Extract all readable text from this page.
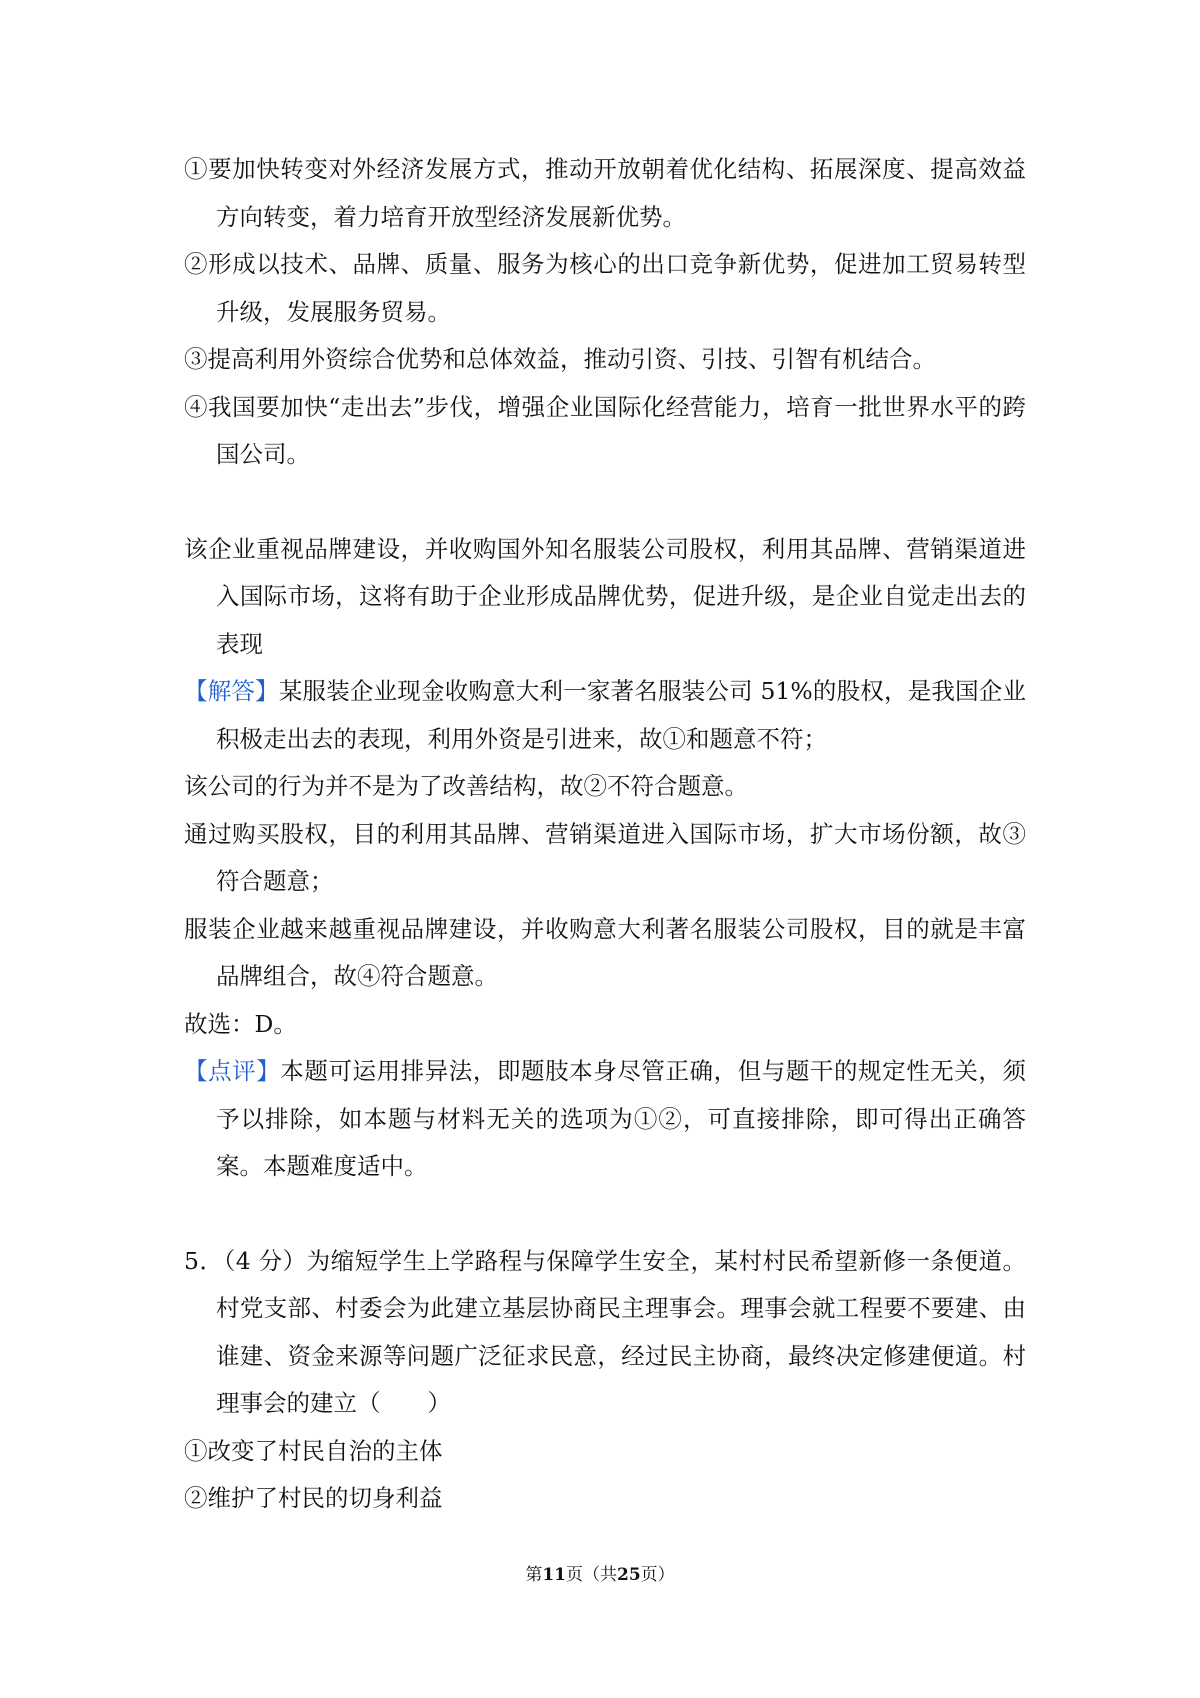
①要加快转变对外经济发展方式，推动开放朝着优化结构、拓展深度、提高效益方向转变，着力培育开放型经济发展新优势。

②形成以技术、品牌、质量、服务为核心的出口竞争新优势，促进加工贸易转型升级，发展服务贸易。

③提高利用外资综合优势和总体效益，推动引资、引技、引智有机结合。

④我国要加快“走出去”步伐，增强企业国际化经营能力，培育一批世界水平的跨国公司。

该企业重视品牌建设，并收购国外知名服装公司股权，利用其品牌、营销渠道进入国际市场，这将有助于企业形成品牌优势，促进升级，是企业自觉走出去的表现

【解答】某服装企业现金收购意大利一家著名服装公司 51%的股权，是我国企业积极走出去的表现，利用外资是引进来，故①和题意不符；

该公司的行为并不是为了改善结构，故②不符合题意。

通过购买股权，目的利用其品牌、营销渠道进入国际市场，扩大市场份额，故③符合题意；

服装企业越来越重视品牌建设，并收购意大利著名服装公司股权，目的就是丰富品牌组合，故④符合题意。

故选：D。

【点评】本题可运用排异法，即题肢本身尽管正确，但与题干的规定性无关，须予以排除，如本题与材料无关的选项为①②，可直接排除，即可得出正确答案。本题难度适中。

5．（4 分）为缩短学生上学路程与保障学生安全，某村村民希望新修一条便道。村党支部、村委会为此建立基层协商民主理事会。理事会就工程要不要建、由谁建、资金来源等问题广泛征求民意，经过民主协商，最终决定修建便道。村理事会的建立（　　）

①改变了村民自治的主体

②维护了村民的切身利益

第11页（共25页）
